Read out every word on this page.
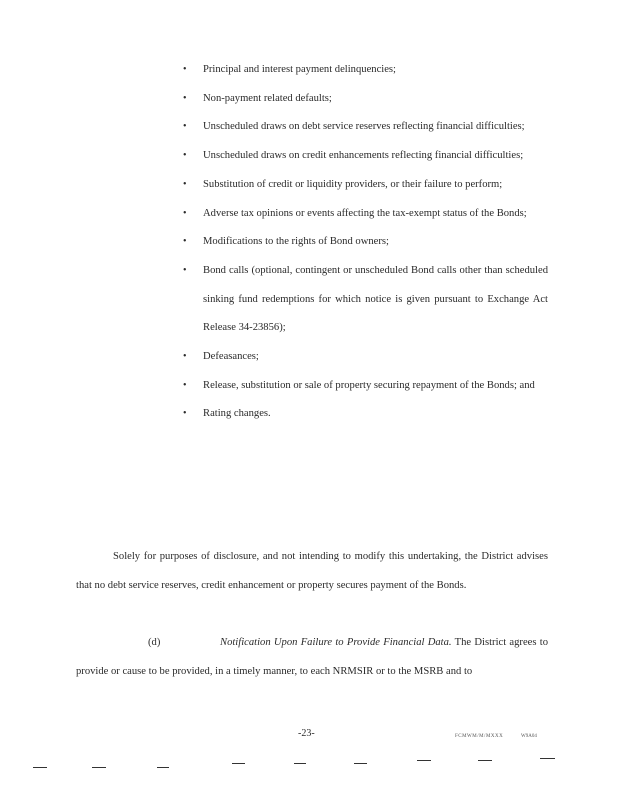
• Principal and interest payment delinquencies;
• Non-payment related defaults;
• Unscheduled draws on debt service reserves reflecting financial difficulties;
• Unscheduled draws on credit enhancements reflecting financial difficulties;
• Substitution of credit or liquidity providers, or their failure to perform;
• Adverse tax opinions or events affecting the tax-exempt status of the Bonds;
• Modifications to the rights of Bond owners;
• Bond calls (optional, contingent or unscheduled Bond calls other than scheduled sinking fund redemptions for which notice is given pursuant to Exchange Act Release 34-23856);
• Defeasances;
• Release, substitution or sale of property securing repayment of the Bonds; and
• Rating changes.
Solely for purposes of disclosure, and not intending to modify this undertaking, the District advises that no debt service reserves, credit enhancement or property secures payment of the Bonds.
(d)	Notification Upon Failure to Provide Financial Data. The District agrees to provide or cause to be provided, in a timely manner, to each NRMSIR or to the MSRB and to
-23-	FCMWM/M/MXXX	W9A04
